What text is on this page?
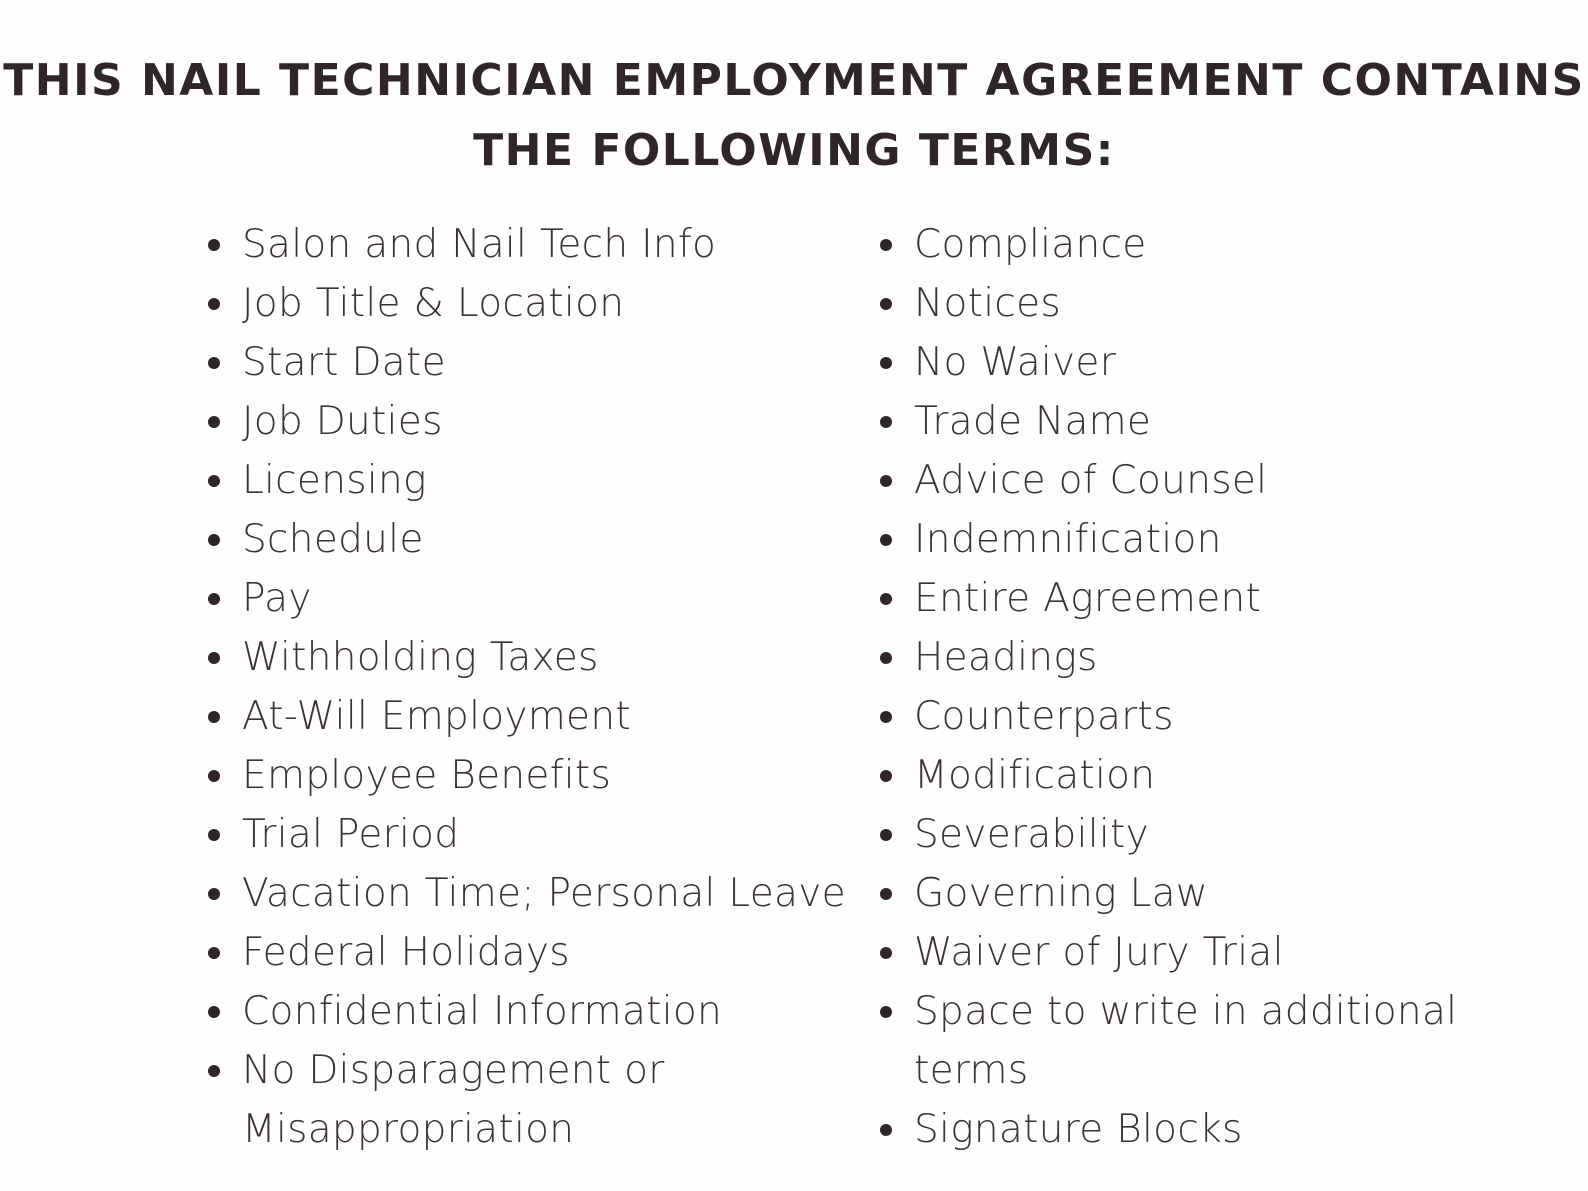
THIS NAIL TECHNICIAN EMPLOYMENT AGREEMENT CONTAINS
THE FOLLOWING TERMS:
Salon and Nail Tech Info
Job Title & Location
Start Date
Job Duties
Licensing
Schedule
Pay
Withholding Taxes
At-Will Employment
Employee Benefits
Trial Period
Vacation Time; Personal Leave
Federal Holidays
Confidential Information
No Disparagement or Misappropriation
Compliance
Notices
No Waiver
Trade Name
Advice of Counsel
Indemnification
Entire Agreement
Headings
Counterparts
Modification
Severability
Governing Law
Waiver of Jury Trial
Space to write in additional terms
Signature Blocks
